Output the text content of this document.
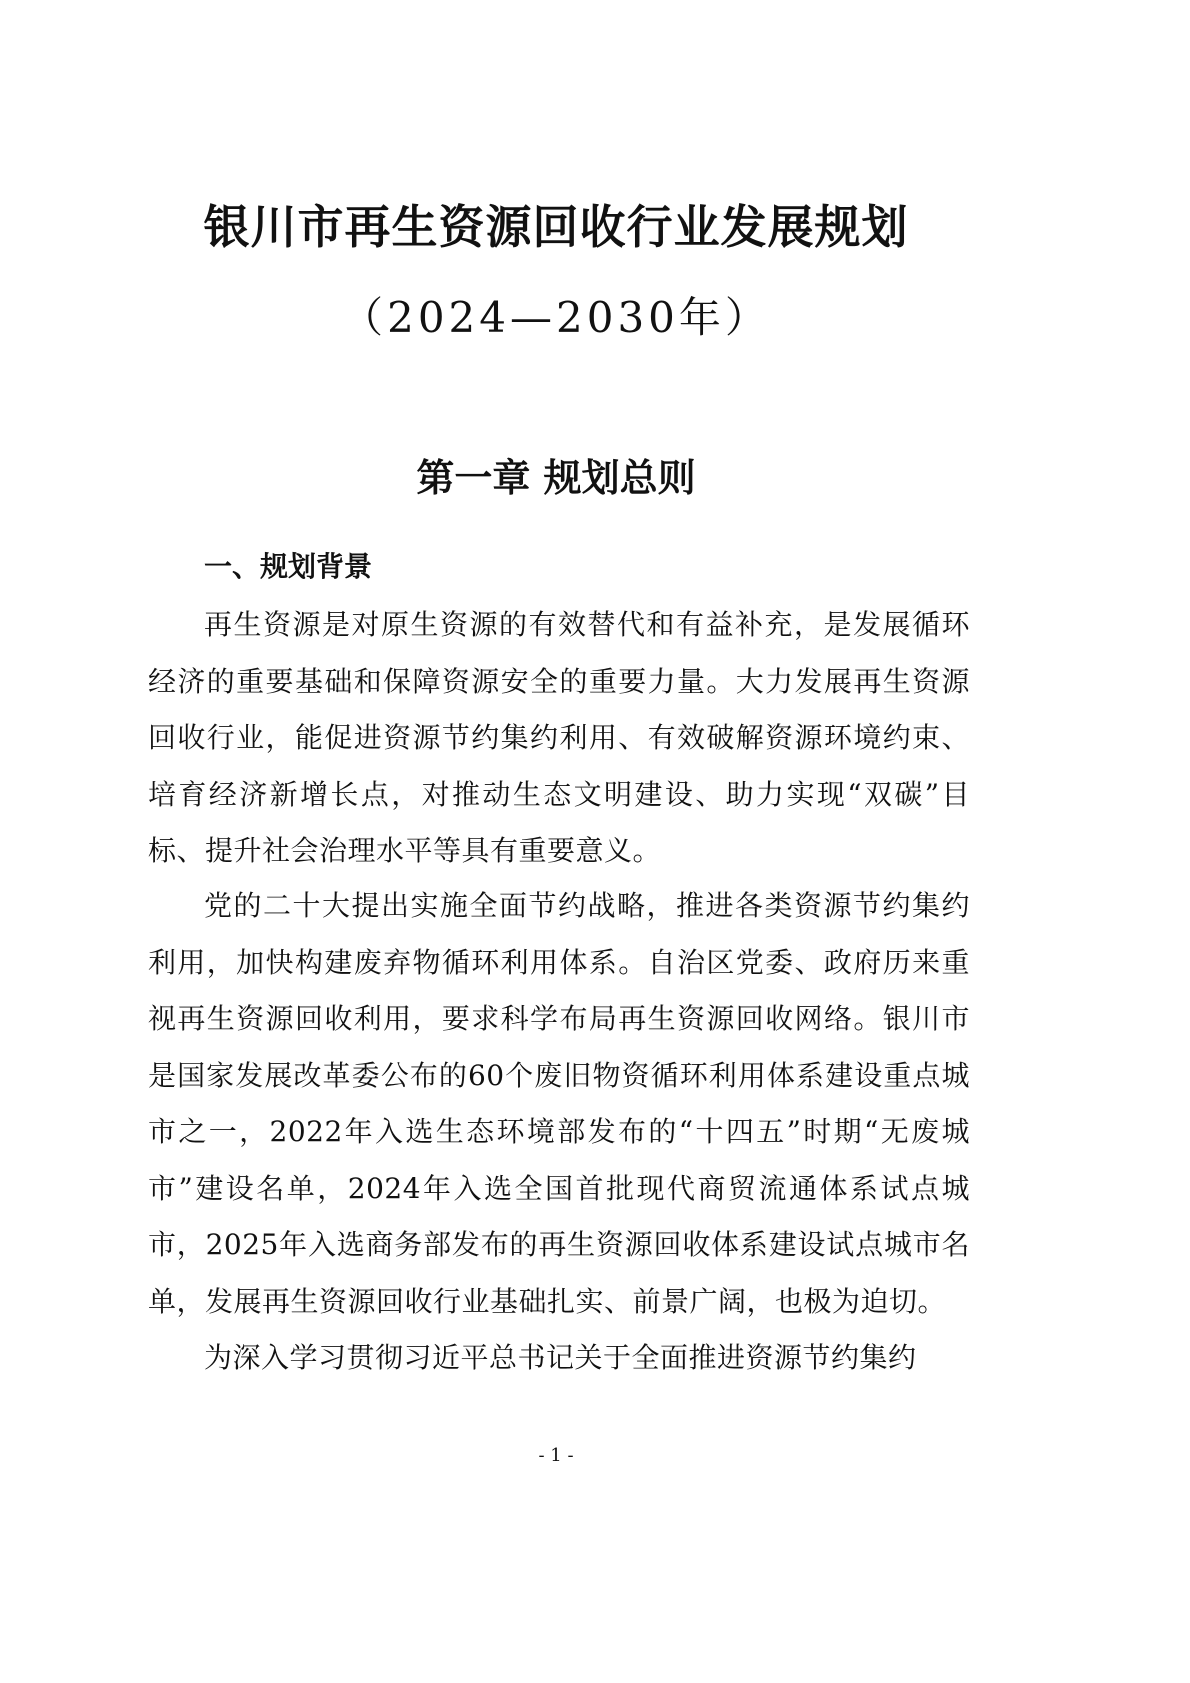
银川市再生资源回收行业发展规划
（2024—2030年）
第一章 规划总则
一、规划背景

再生资源是对原生资源的有效替代和有益补充，是发展循环经济的重要基础和保障资源安全的重要力量。大力发展再生资源回收行业，能促进资源节约集约利用、有效破解资源环境约束、培育经济新增长点，对推动生态文明建设、助力实现“双碳”目标、提升社会治理水平等具有重要意义。

党的二十大提出实施全面节约战略，推进各类资源节约集约利用，加快构建废弃物循环利用体系。自治区党委、政府历来重视再生资源回收利用，要求科学布局再生资源回收网络。银川市是国家发展改革委公布的60个废旧物资循环利用体系建设重点城市之一，2022年入选生态环境部发布的“十四五”时期“无废城市”建设名单，2024年入选全国首批现代商贸流通体系试点城市，2025年入选商务部发布的再生资源回收体系建设试点城市名单，发展再生资源回收行业基础扎实、前景广阔，也极为迫切。

为深入学习贯彻习近平总书记关于全面推进资源节约集约

- 1 -
